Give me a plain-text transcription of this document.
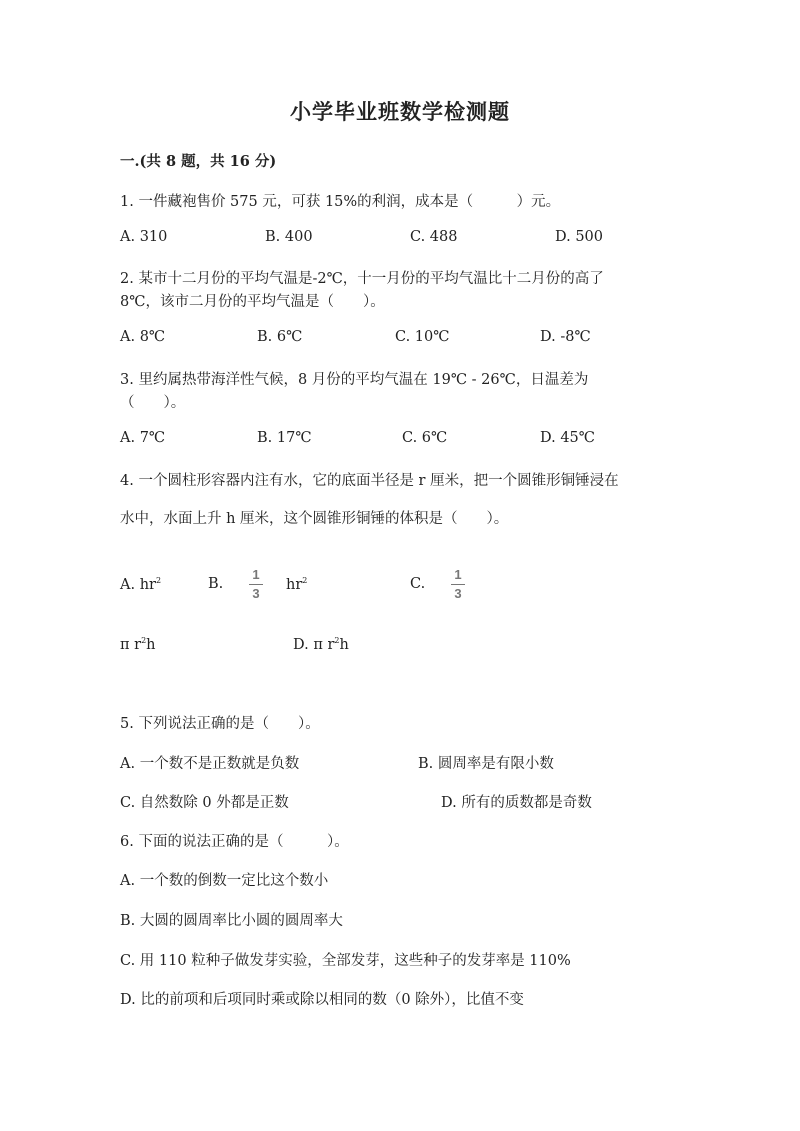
小学毕业班数学检测题
一.(共 8 题，共 16 分)
1. 一件藏袍售价 575 元，可获 15%的利润，成本是（　　　）元。
A. 310	B. 400	C. 488	D. 500
2. 某市十二月份的平均气温是-2℃，十一月份的平均气温比十二月份的高了
8℃，该市二月份的平均气温是（　　）。
A. 8℃	B. 6℃	C. 10℃	D. -8℃
3. 里约属热带海洋性气候，8 月份的平均气温在 19℃ - 26℃，日温差为
（　　）。
A. 7℃	B. 17℃	C. 6℃	D. 45℃
4. 一个圆柱形容器内注有水，它的底面半径是 r 厘米，把一个圆锥形铜锤浸在
水中，水面上升 h 厘米，这个圆锥形铜锤的体积是（　　）。
A. $hr^2$	B.
1
3
$hr^2$	C.
1
3
π $r^2h$	D. π $r^2h$
5. 下列说法正确的是（　　）。
A. 一个数不是正数就是负数	B. 圆周率是有限小数
C. 自然数除 0 外都是正数	D. 所有的质数都是奇数
6. 下面的说法正确的是（　　　）。
A. 一个数的倒数一定比这个数小
B. 大圆的圆周率比小圆的圆周率大
C. 用 110 粒种子做发芽实验，全部发芽，这些种子的发芽率是 110%
D. 比的前项和后项同时乘或除以相同的数（0 除外），比值不变
